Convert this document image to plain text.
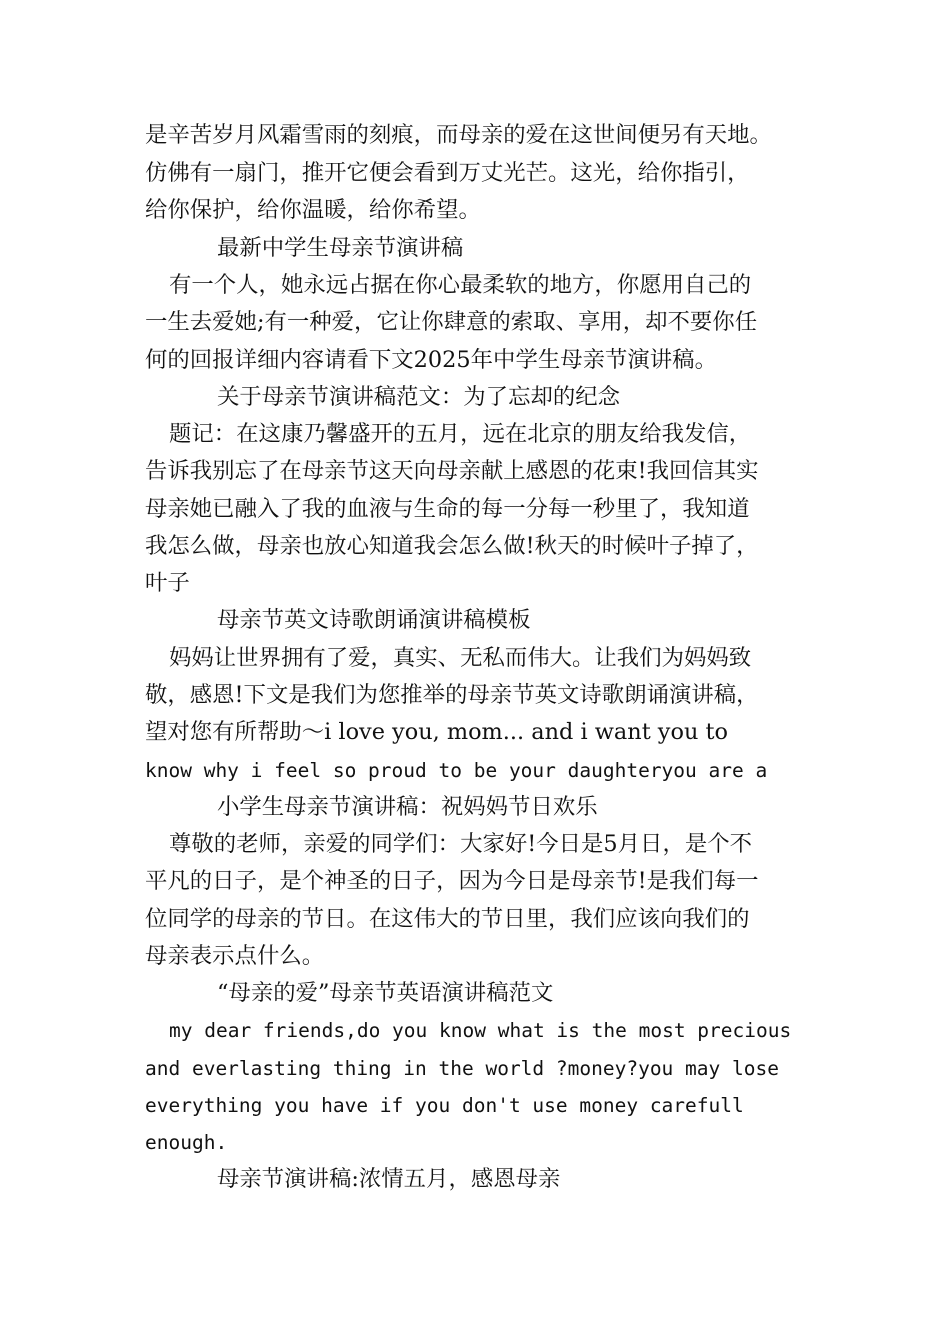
是辛苦岁月风霜雪雨的刻痕，而母亲的爱在这世间便另有天地。
仿佛有一扇门，推开它便会看到万丈光芒。这光，给你指引，
给你保护，给你温暖，给你希望。
最新中学生母亲节演讲稿
有一个人，她永远占据在你心最柔软的地方，你愿用自己的
一生去爱她;有一种爱，它让你肆意的索取、享用，却不要你任
何的回报详细内容请看下文2025年中学生母亲节演讲稿。
关于母亲节演讲稿范文：为了忘却的纪念
题记：在这康乃馨盛开的五月，远在北京的朋友给我发信，
告诉我别忘了在母亲节这天向母亲献上感恩的花束!我回信其实
母亲她已融入了我的血液与生命的每一分每一秒里了，我知道
我怎么做，母亲也放心知道我会怎么做!秋天的时候叶子掉了，
叶子
母亲节英文诗歌朗诵演讲稿模板
妈妈让世界拥有了爱，真实、无私而伟大。让我们为妈妈致
敬，感恩!下文是我们为您推举的母亲节英文诗歌朗诵演讲稿，
望对您有所帮助～i love you, mom... and i want you to
know why i feel so proud to be your daughteryou are a
小学生母亲节演讲稿：祝妈妈节日欢乐
尊敬的老师，亲爱的同学们：大家好!今日是5月日，是个不
平凡的日子，是个神圣的日子，因为今日是母亲节!是我们每一
位同学的母亲的节日。在这伟大的节日里，我们应该向我们的
母亲表示点什么。
“母亲的爱”母亲节英语演讲稿范文
my dear friends,do you know what is the most precious
and everlasting thing in the world ?money?you may lose
everything you have if you don't use money carefull
enough.
母亲节演讲稿:浓情五月，感恩母亲
